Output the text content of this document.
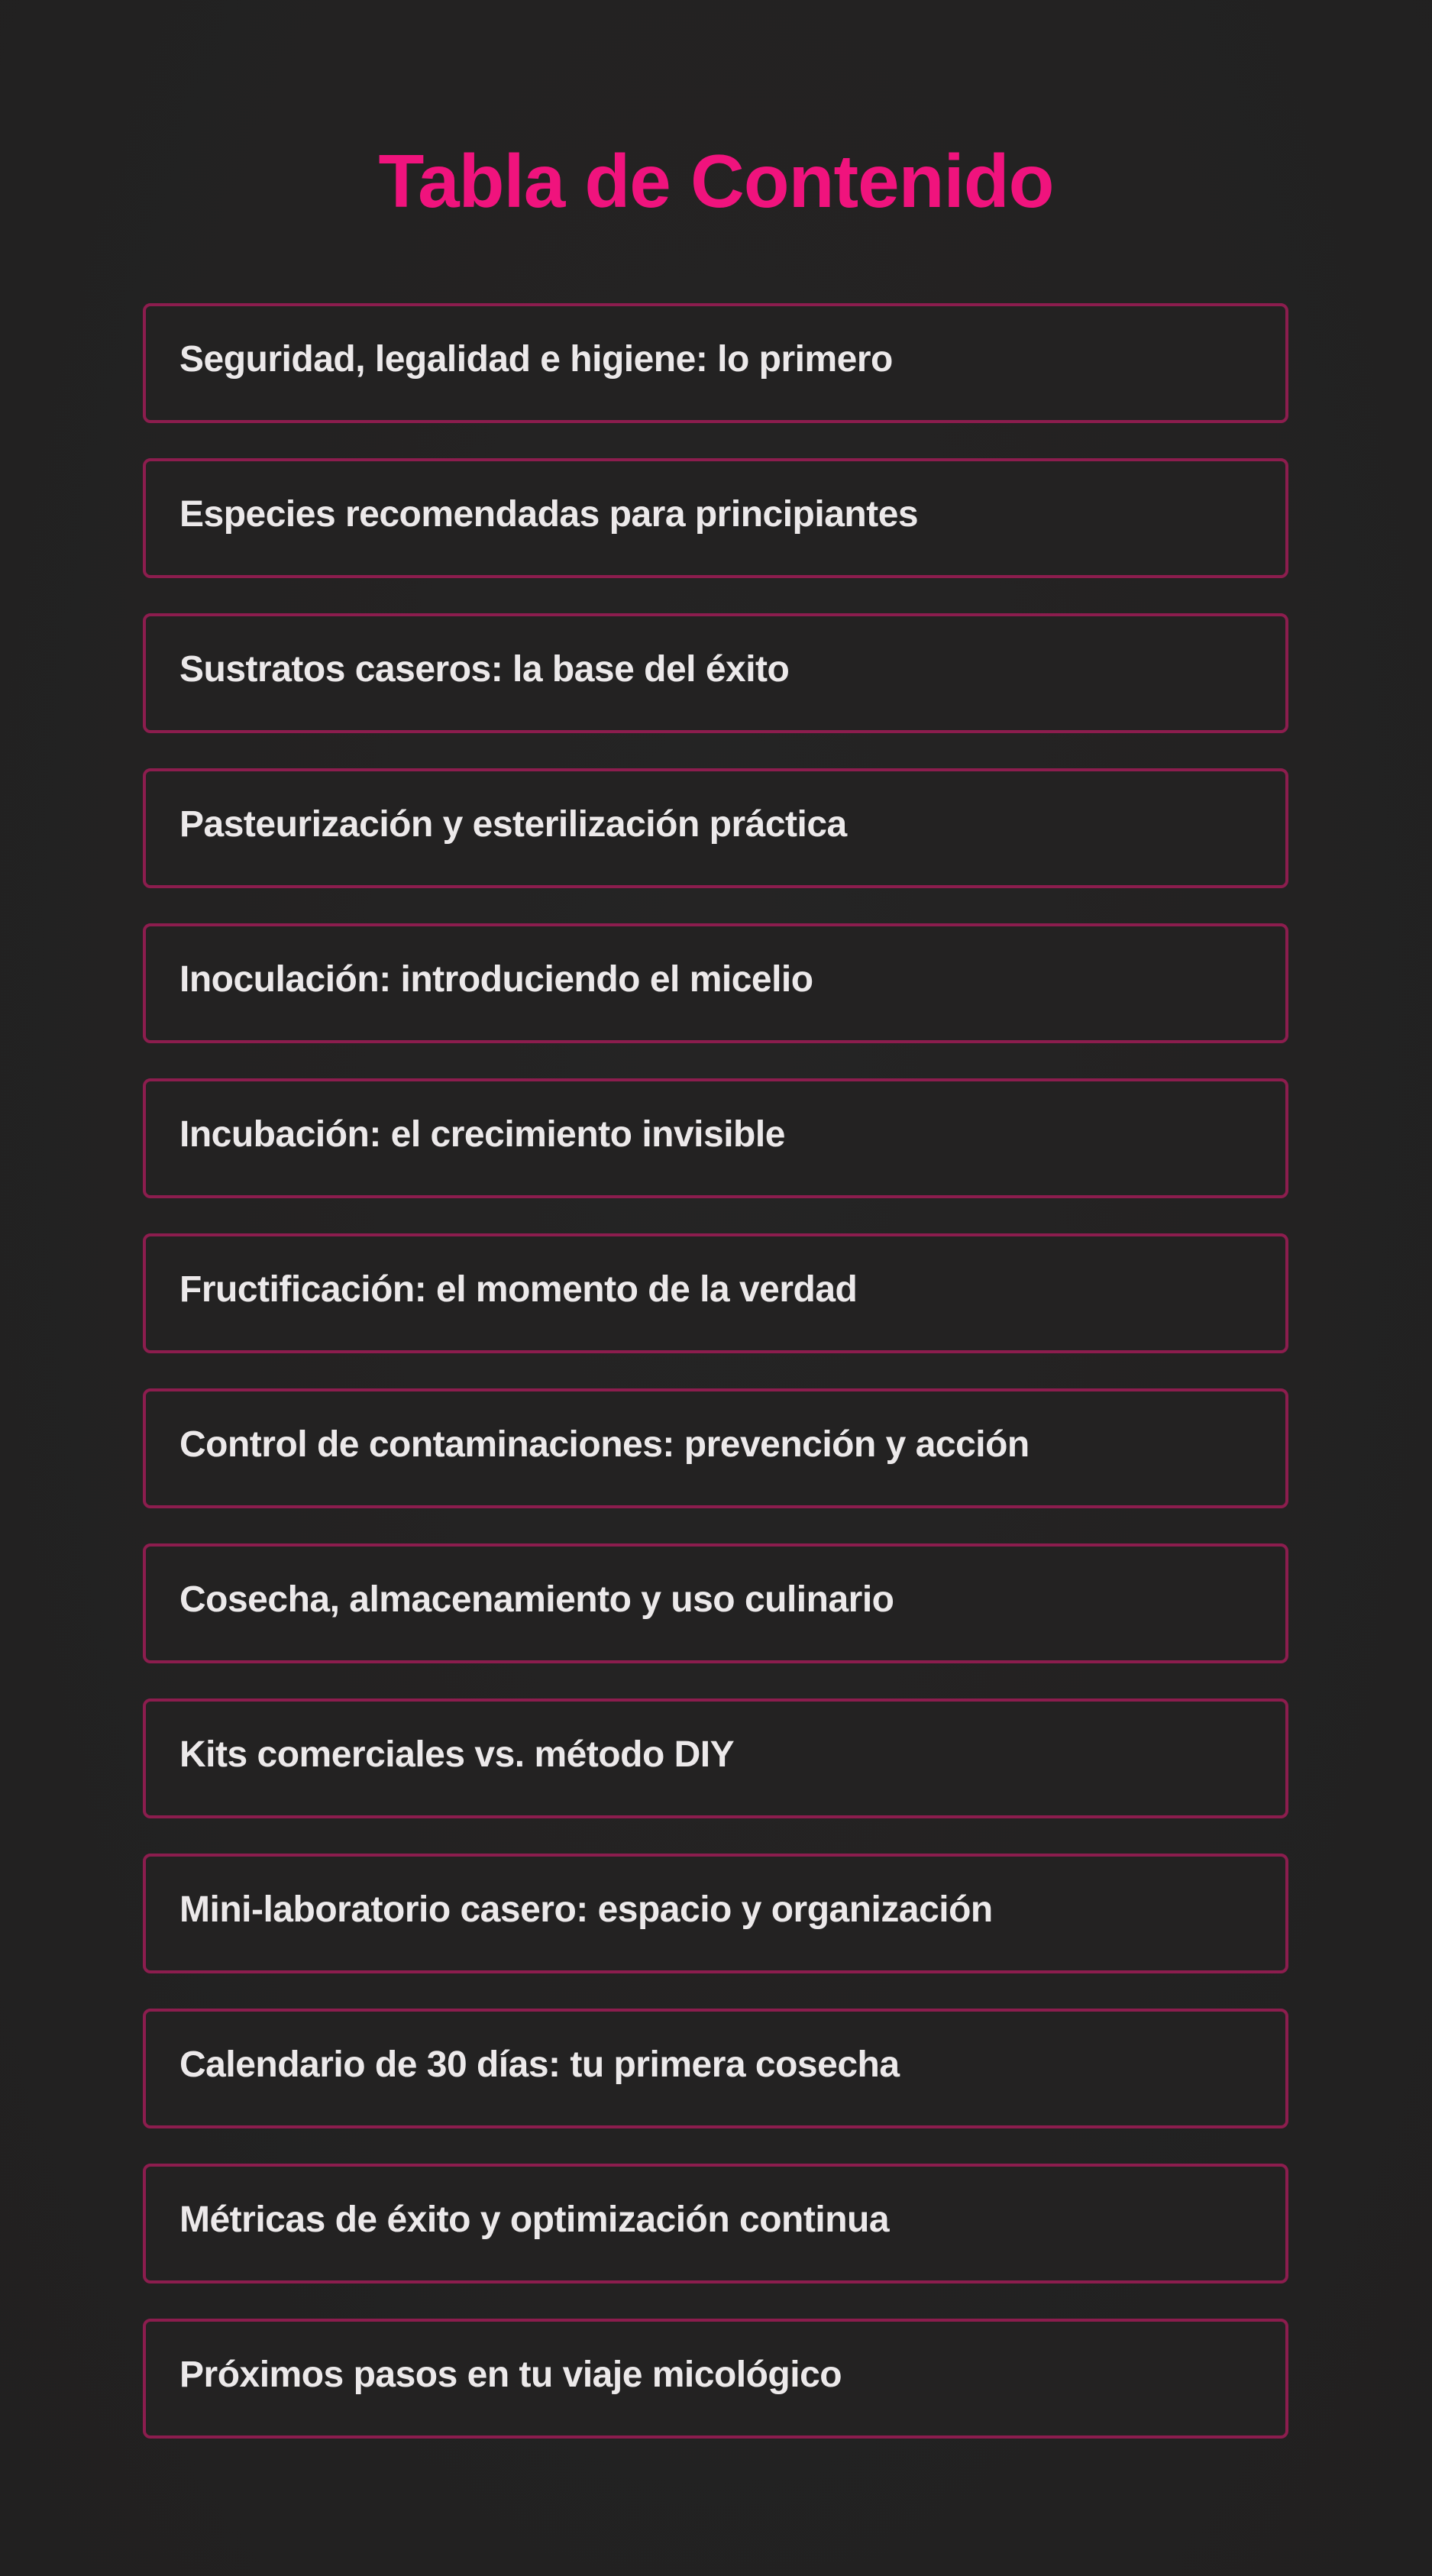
Tabla de Contenido
Seguridad, legalidad e higiene: lo primero
Especies recomendadas para principiantes
Sustratos caseros: la base del éxito
Pasteurización y esterilización práctica
Inoculación: introduciendo el micelio
Incubación: el crecimiento invisible
Fructificación: el momento de la verdad
Control de contaminaciones: prevención y acción
Cosecha, almacenamiento y uso culinario
Kits comerciales vs. método DIY
Mini-laboratorio casero: espacio y organización
Calendario de 30 días: tu primera cosecha
Métricas de éxito y optimización continua
Próximos pasos en tu viaje micológico
